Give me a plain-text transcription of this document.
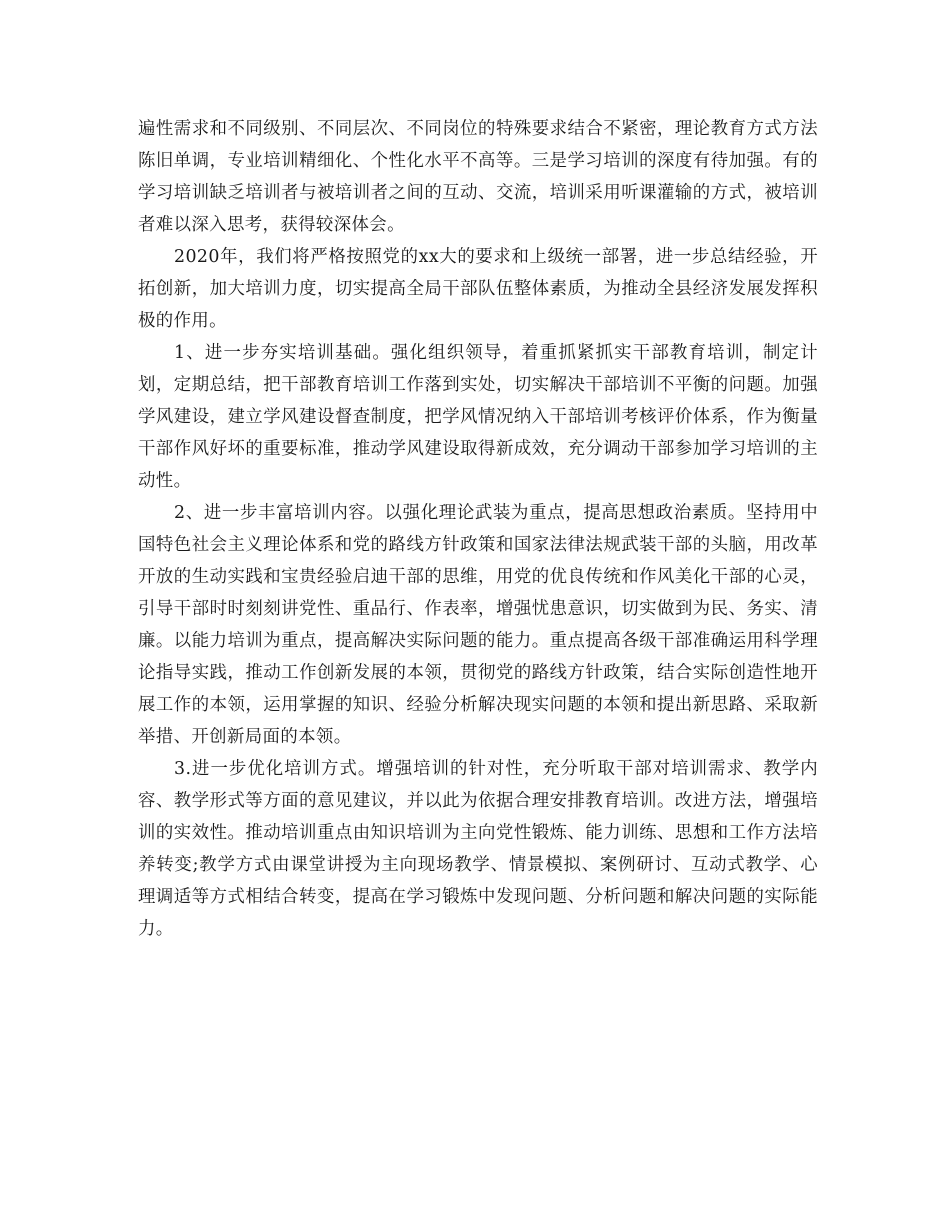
遍性需求和不同级别、不同层次、不同岗位的特殊要求结合不紧密，理论教育方式方法陈旧单调，专业培训精细化、个性化水平不高等。三是学习培训的深度有待加强。有的学习培训缺乏培训者与被培训者之间的互动、交流，培训采用听课灌输的方式，被培训者难以深入思考，获得较深体会。

2020年，我们将严格按照党的xx大的要求和上级统一部署，进一步总结经验，开拓创新，加大培训力度，切实提高全局干部队伍整体素质，为推动全县经济发展发挥积极的作用。

1、进一步夯实培训基础。强化组织领导，着重抓紧抓实干部教育培训，制定计划，定期总结，把干部教育培训工作落到实处，切实解决干部培训不平衡的问题。加强学风建设，建立学风建设督查制度，把学风情况纳入干部培训考核评价体系，作为衡量干部作风好坏的重要标准，推动学风建设取得新成效，充分调动干部参加学习培训的主动性。

2、进一步丰富培训内容。以强化理论武装为重点，提高思想政治素质。坚持用中国特色社会主义理论体系和党的路线方针政策和国家法律法规武装干部的头脑，用改革开放的生动实践和宝贵经验启迪干部的思维，用党的优良传统和作风美化干部的心灵，引导干部时时刻刻讲党性、重品行、作表率，增强忧患意识，切实做到为民、务实、清廉。以能力培训为重点，提高解决实际问题的能力。重点提高各级干部准确运用科学理论指导实践，推动工作创新发展的本领，贯彻党的路线方针政策，结合实际创造性地开展工作的本领，运用掌握的知识、经验分析解决现实问题的本领和提出新思路、采取新举措、开创新局面的本领。

3.进一步优化培训方式。增强培训的针对性，充分听取干部对培训需求、教学内容、教学形式等方面的意见建议，并以此为依据合理安排教育培训。改进方法，增强培训的实效性。推动培训重点由知识培训为主向党性锻炼、能力训练、思想和工作方法培养转变;教学方式由课堂讲授为主向现场教学、情景模拟、案例研讨、互动式教学、心理调适等方式相结合转变，提高在学习锻炼中发现问题、分析问题和解决问题的实际能力。
